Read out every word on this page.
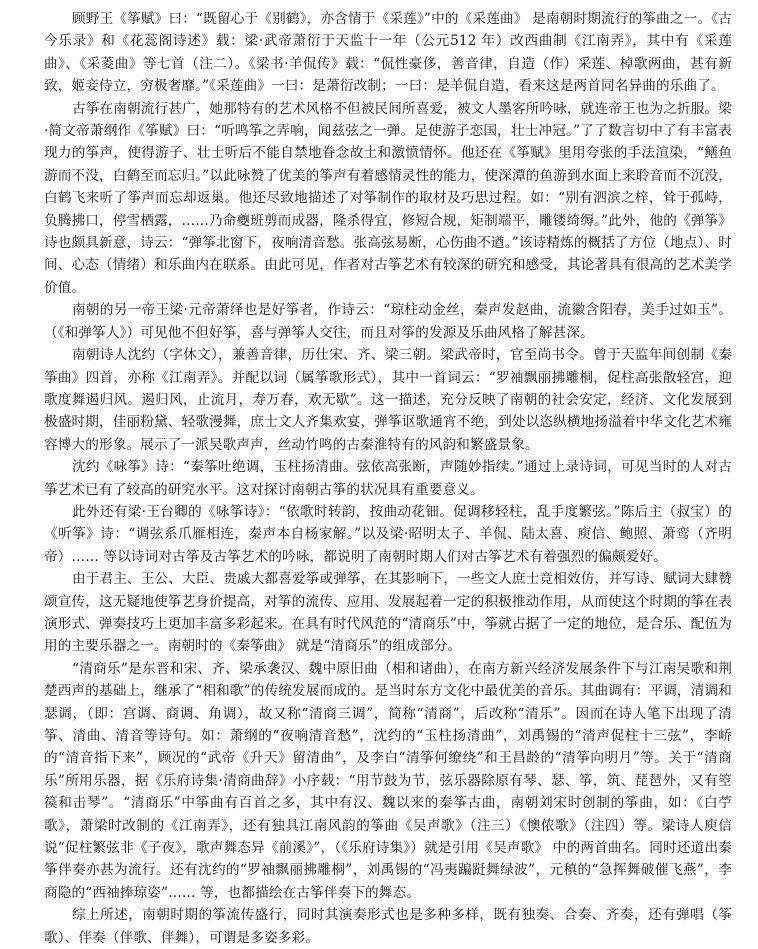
顾野王《筝赋》曰：“既留心于《别鹤》，亦含情于《采莲》”中的《采莲曲》 是南朝时期流行的筝曲之一。《古今乐录》和《花蕊阁诗述》载：梁·武帝萧衍于天监十一年（公元512 年）改西曲制《江南弄》，其中有《采莲曲》、《采菱曲》等七首（注二）。《梁书·羊侃传》载：“侃性豪侈，善音律，自造（作）采莲、棹歌两曲，甚有新致，姬妾侍立，穷极奢靡。”《采莲曲》一曰：是萧衍改制；一曰：是羊侃自造，看来这是两首同名异曲的乐曲了。

古筝在南朝流行甚广，她那特有的艺术风格不但被民间所喜爱，被文人墨客所吟咏，就连帝王也为之折服。梁·简文帝萧纲作《筝赋》曰：“听鸣筝之弄响，闻兹弦之一弹。足使游子恋国，壮士冲冠。”了了数言切中了有丰富表现力的筝声，使得游子、壮士听后不能自禁地眷念故土和激愤情怀。他还在《筝赋》里用夸张的手法渲染，“鳝鱼游而不没，白鹤至而忘归。”以此咏赞了优美的筝声有着感情灵性的能力，使深潭的鱼游到水面上来聆音而不沉没，白鹤飞来听了筝声而忘却返巢。他还尽致地描述了对筝制作的取材及巧思过程。如：“别有泗滨之梓，耸于孤峙，负腾拂口，停雪栖露，……乃命夔班剪而成器，隆杀得宜，修短合规，矩制端平，雕镂绮缛。”此外，他的《弹筝》诗也颇具新意，诗云：“弹筝北窗下，夜响清音愁。张高弦易断，心伤曲不遒。”该诗精炼的概括了方位（地点）、时间、心态（情绪）和乐曲内在联系。由此可见，作者对古筝艺术有较深的研究和感受，其论著具有很高的艺术美学价值。

南朝的另一帝王梁·元帝萧绎也是好筝者，作诗云：“琼柱动金丝，秦声发赵曲，流徽含阳春，美手过如玉”。（《和弹筝人》）可见他不但好筝，喜与弹筝人交往，而且对筝的发源及乐曲风格了解甚深。

南朝诗人沈约（字休文），兼善音律，历仕宋、齐、梁三朝。梁武帝时，官至尚书令。曾于天监年间创制《秦筝曲》四首，亦称《江南弄》。并配以词（属筝歌形式），其中一首词云：“罗袖飘丽拂雕桐，促柱高张散轻宫，迎歌度舞遏归风。遏归风，止流月，寿万春，欢无歇”。这一描述，充分反映了南朝的社会安定，经济、文化发展到极盛时期，佳丽粉黛、轻歌漫舞，庶士文人齐集欢宴，弹筝讴歌通宵不绝，到处以恣纵横地扬溢着中华文化艺术雍容博大的形象。展示了一派吴歌声声，丝动竹鸣的古秦淮特有的风韵和繁盛景象。

沈约《咏筝》诗：“秦筝吐绝调，玉柱扬清曲。弦依高张断，声随妙指续。”通过上录诗词，可见当时的人对古筝艺术已有了较高的研究水平。这对探讨南朝古筝的状况具有重要意义。

此外还有梁·王台卿的《咏筝诗》：“依歌时转韵，按曲动花钿。促调移轻柱，乱手度繁弦。”陈后主（叔宝）的《听筝》诗：“调弦系爪雁相连，秦声本自杨家解。”以及梁·昭明太子、羊侃、陆太喜、庾信、鲍照、萧鸾（齐明帝）…… 等以诗词对古筝及古筝艺术的吟咏，都说明了南朝时期人们对古筝艺术有着强烈的偏颇爱好。

由于君主、王公、大臣、贵戚大都喜爱筝或弹筝，在其影响下，一些文人庶士竞相效仿，并写诗、赋词大肆赞颂宣传，这无疑地使筝艺身价提高，对筝的流传、应用、发展起着一定的积极推动作用，从而使这个时期的筝在表演形式、弹奏技巧上更加丰富多彩起来。在具有时代风范的“清商乐”中，筝就占据了一定的地位，是合乐、配伍为用的主要乐器之一。南朝时的《秦筝曲》 就是“清商乐”的组成部分。

“清商乐”是东晋和宋、齐、梁承袭汉、魏中原旧曲（相和诸曲），在南方新兴经济发展条件下与江南吴歌和荆楚西声的基础上，继承了“相和歌”的传统发展而成的。是当时东方文化中最优美的音乐。其曲调有：平调，清调和瑟调，（即：宫调、商调、角调），故又称“清商三调”，简称“清商”，后改称“清乐”。因而在诗人笔下出现了清筝、清曲、清音等诗句。如：萧纲的“夜响清音愁”，沈约的“玉柱扬清曲”，刘禹锡的“清声促柱十三弦”，李峤的“清音指下来”，顾况的“武帝《升天》留清曲”，及李白“清筝何缭绕”和王昌龄的“清筝向明月”等。关于“清商乐”所用乐器，据《乐府诗集·清商曲辞》小序载：“用节鼓为节，弦乐器除原有琴、瑟、筝，筑、琵琶外，又有箜篌和击琴”。“清商乐”中筝曲有百首之多，其中有汉、魏以来的秦筝古曲，南朝刘宋时创制的筝曲，如：《白苧歌》，萧梁时改制的《江南弄》，还有独具江南风韵的筝曲《吴声歌》（注三）《懊侬歌》（注四）等。梁诗人庾信说“促柱繁弦非《子夜》，歌声舞态异《前溪》”，（《乐府诗集》）就是引用《吴声歌》 中的两首曲名。同时还道出秦筝伴奏亦甚为流行。还有沈约的“罗袖飘丽拂雕桐”，刘禹锡的“冯夷蹁跹舞绿波”，元稹的“急挥舞破催飞燕”，李商隐的“西袖捧琼姿”…… 等，也都描绘在古筝伴奏下的舞态。

综上所述，南朝时期的筝流传盛行，同时其演奏形式也是多种多样，既有独奏、合奏、齐奏，还有弹唱（筝歌）、伴奏（伴歌、伴舞），可谓是多姿多彩。
